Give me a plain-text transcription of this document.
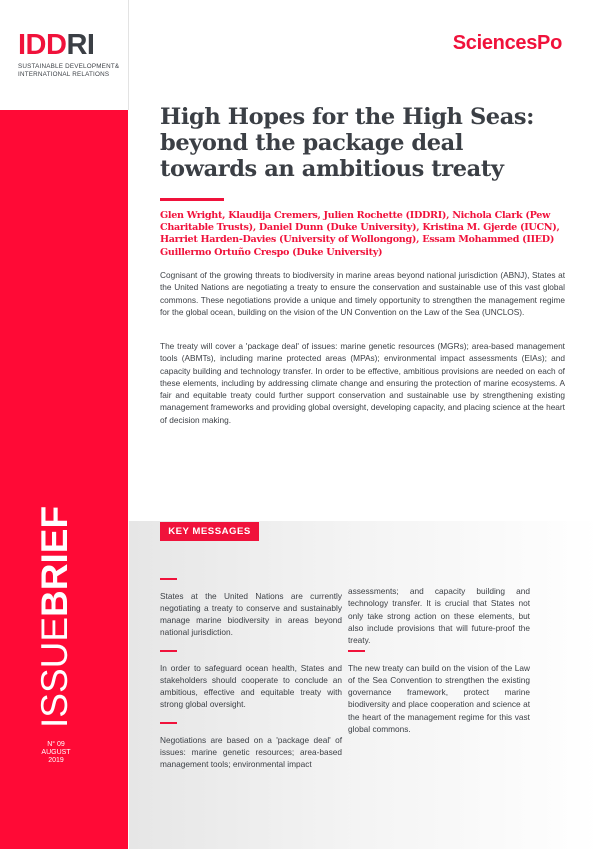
IDDRI
SUSTAINABLE DEVELOPMENT&
INTERNATIONAL RELATIONS
SciencesPo
ISSUEBRIEF
N° 09
AUGUST
2019
High Hopes for the High Seas: beyond the package deal towards an ambitious treaty
Glen Wright, Klaudija Cremers, Julien Rochette (IDDRI), Nichola Clark (Pew Charitable Trusts), Daniel Dunn (Duke University), Kristina M. Gjerde (IUCN), Harriet Harden-Davies (University of Wollongong), Essam Mohammed (IIED) Guillermo Ortuño Crespo (Duke University)

Cognisant of the growing threats to biodiversity in marine areas beyond national jurisdiction (ABNJ), States at the United Nations are negotiating a treaty to ensure the conservation and sustainable use of this vast global commons. These negotiations provide a unique and timely opportunity to strengthen the management regime for the global ocean, building on the vision of the UN Convention on the Law of the Sea (UNCLOS).

The treaty will cover a 'package deal' of issues: marine genetic resources (MGRs); area-based management tools (ABMTs), including marine protected areas (MPAs); environmental impact assessments (EIAs); and capacity building and technology transfer. In order to be effective, ambitious provisions are needed on each of these elements, including by addressing climate change and ensuring the protection of marine ecosystems. A fair and equitable treaty could further support conservation and sustainable use by strengthening existing management frameworks and providing global oversight, developing capacity, and placing science at the heart of decision making.

KEY MESSAGES
States at the United Nations are currently negotiating a treaty to conserve and sustainably manage marine biodiversity in areas beyond national jurisdiction.
In order to safeguard ocean health, States and stakeholders should cooperate to conclude an ambitious, effective and equitable treaty with strong global oversight.
Negotiations are based on a 'package deal' of issues: marine genetic resources; area-based management tools; environmental impact
assessments; and capacity building and technology transfer. It is crucial that States not only take strong action on these elements, but also include provisions that will future-proof the treaty.
The new treaty can build on the vision of the Law of the Sea Convention to strengthen the existing governance framework, protect marine biodiversity and place cooperation and science at the heart of the management regime for this vast global commons.
